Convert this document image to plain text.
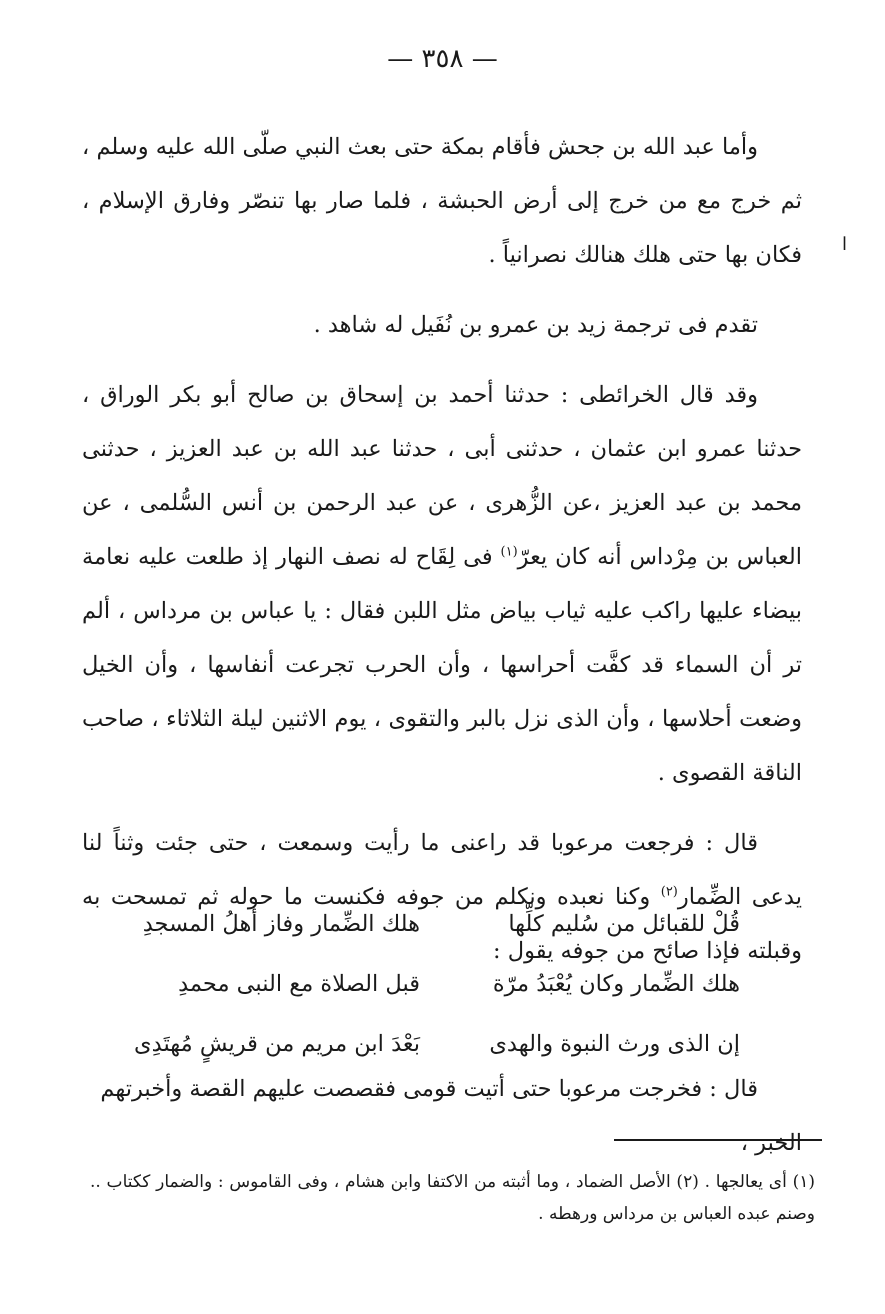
— ٣٥٨ —
ا

وأما عبد الله بن جحش فأقام بمكة حتى بعث النبي صلّى الله عليه وسلم ، ثم خرج مع من خرج إلى أرض الحبشة ، فلما صار بها تنصّر وفارق الإسلام ، فكان بها حتى هلك هنالك نصرانياً .

تقدم فى ترجمة زيد بن عمرو بن نُفَيل له شاهد .

وقد قال الخرائطى : حدثنا أحمد بن إسحاق بن صالح أبو بكر الوراق ، حدثنا عمرو ابن عثمان ، حدثنى أبى ، حدثنا عبد الله بن عبد العزيز ، حدثنى محمد بن عبد العزيز ،عن الزُّهرى ، عن عبد الرحمن بن أنس السُّلمى ، عن العباس بن مِرْداس أنه كان يعرّ$^{(١)}$ فى لِقَاح له نصف النهار إذ طلعت عليه نعامة بيضاء عليها راكب عليه ثياب بياض مثل اللبن فقال : يا عباس بن مرداس ، ألم تر أن السماء قد كفَّت أحراسها ، وأن الحرب تجرعت أنفاسها ، وأن الخيل وضعت أحلاسها ، وأن الذى نزل بالبر والتقوى ، يوم الاثنين ليلة الثلاثاء ، صاحب الناقة القصوى .

قال : فرجعت مرعوبا قد راعنى ما رأيت وسمعت ، حتى جئت وثناً لنا يدعى الضِّمار$^{(٢)}$ وكنا نعبده ونكلم من جوفه فكنست ما حوله ثم تمسحت به وقبلته فإذا صائح من جوفه يقول :

قُلْ للقبائل من سُليم كلِّها
هلك الضِّمار وفاز أهلُ المسجدِ
هلك الضِّمار وكان يُعْبَدُ مرّة
قبل الصلاة مع النبى محمدِ
إن الذى ورث النبوة والهدى
بَعْدَ ابن مريم من قريشٍ مُهتَدِى

قال : فخرجت مرعوبا حتى أتيت قومى فقصصت عليهم القصة وأخبرتهم الخبر ،

(١) أى يعالجها . (٢) الأصل الضماد ، وما أثبته من الاكتفا وابن هشام ، وفى القاموس : والضمار ككتاب .. وصنم عبده العباس بن مرداس ورهطه .
